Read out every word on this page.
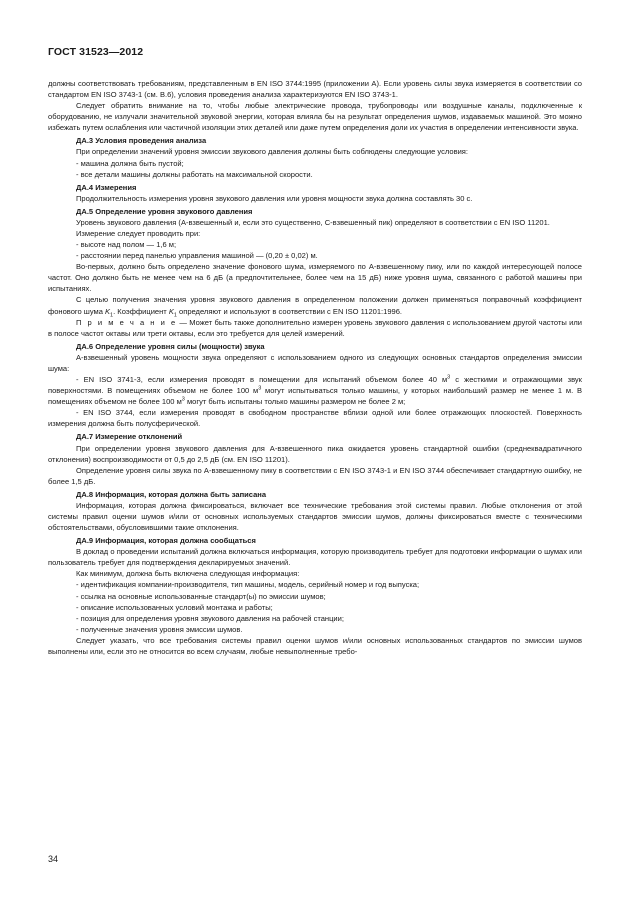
ГОСТ 31523—2012

должны соответствовать требованиям, представленным в EN ISO 3744:1995 (приложении А). Если уровень силы звука измеряется в соответствии со стандартом EN ISO 3743-1 (см. В.6), условия проведения анализа характеризуются EN ISO 3743-1.

Следует обратить внимание на то, чтобы любые электрические провода, трубопроводы или воздушные каналы, подключенные к оборудованию, не излучали значительной звуковой энергии, которая влияла бы на результат определения шумов, издаваемых машиной. Это можно избежать путем ослабления или частичной изоляции этих деталей или даже путем определения доли их участия в определении интенсивности звука.

ДА.3 Условия проведения анализа

При определении значений уровня эмиссии звукового давления должны быть соблюдены следующие условия:

- машина должна быть пустой;

- все детали машины должны работать на максимальной скорости.

ДА.4 Измерения

Продолжительность измерения уровня звукового давления или уровня мощности звука должна составлять 30 с.

ДА.5 Определение уровня звукового давления

Уровень звукового давления (А-взвешенный и, если это существенно, С-взвешенный пик) определяют в соответствии с EN ISO 11201.

Измерение следует проводить при:

- высоте над полом — 1,6 м;

- расстоянии перед панелью управления машиной — (0,20 ± 0,02) м.

Во-первых, должно быть определено значение фонового шума, измеряемого по А-взвешенному пику, или по каждой интересующей полосе частот. Оно должно быть не менее чем на 6 дБ (а предпочтительнее, более чем на 15 дБ) ниже уровня шума, связанного с работой машины при испытаниях.

С целью получения значения уровня звукового давления в определенном положении должен применяться поправочный коэффициент фонового шума $K_1$. Коэффициент $K_1$ определяют и используют в соответствии с EN ISO 11201:1996.

П р и м е ч а н и е — Может быть также дополнительно измерен уровень звукового давления с использованием другой частоты или в полосе частот октавы или трети октавы, если это требуется для целей измерений.

ДА.6 Определение уровня силы (мощности) звука

А-взвешенный уровень мощности звука определяют с использованием одного из следующих основных стандартов определения эмиссии шума:

- EN ISO 3741-3, если измерения проводят в помещении для испытаний объемом более 40 $м^3$ с жесткими и отражающими звук поверхностями. В помещениях объемом не более 100 $м^3$ могут испытываться только машины, у которых наибольший размер не менее 1 м. В помещениях объемом не более 100 $м^3$ могут быть испытаны только машины размером не более 2 м;

- EN ISO 3744, если измерения проводят в свободном пространстве вблизи одной или более отражающих плоскостей. Поверхность измерения должна быть полусферической.

ДА.7 Измерение отклонений

При определении уровня звукового давления для А-взвешенного пика ожидается уровень стандартной ошибки (среднеквадратичного отклонения) воспроизводимости от 0,5 до 2,5 дБ (см. EN ISO 11201).

Определение уровня силы звука по А-взвешенному пику в соответствии с EN ISO 3743-1 и EN ISO 3744 обеспечивает стандартную ошибку, не более 1,5 дБ.

ДА.8 Информация, которая должна быть записана

Информация, которая должна фиксироваться, включает все технические требования этой системы правил. Любые отклонения от этой системы правил оценки шумов и/или от основных используемых стандартов эмиссии шумов, должны фиксироваться вместе с техническими обстоятельствами, обусловившими такие отклонения.

ДА.9 Информация, которая должна сообщаться

В доклад о проведении испытаний должна включаться информация, которую производитель требует для подготовки информации о шумах или пользователь требует для подтверждения декларируемых значений.

Как минимум, должна быть включена следующая информация:

- идентификация компании-производителя, тип машины, модель, серийный номер и год выпуска;

- ссылка на основные использованные стандарт(ы) по эмиссии шумов;

- описание использованных условий монтажа и работы;

- позиция для определения уровня звукового давления на рабочей станции;

- полученные значения уровня эмиссии шумов.

Следует указать, что все требования системы правил оценки шумов и/или основных использованных стандартов по эмиссии шумов выполнены или, если это не относится во всем случаям, любые невыполненные требо-

34
